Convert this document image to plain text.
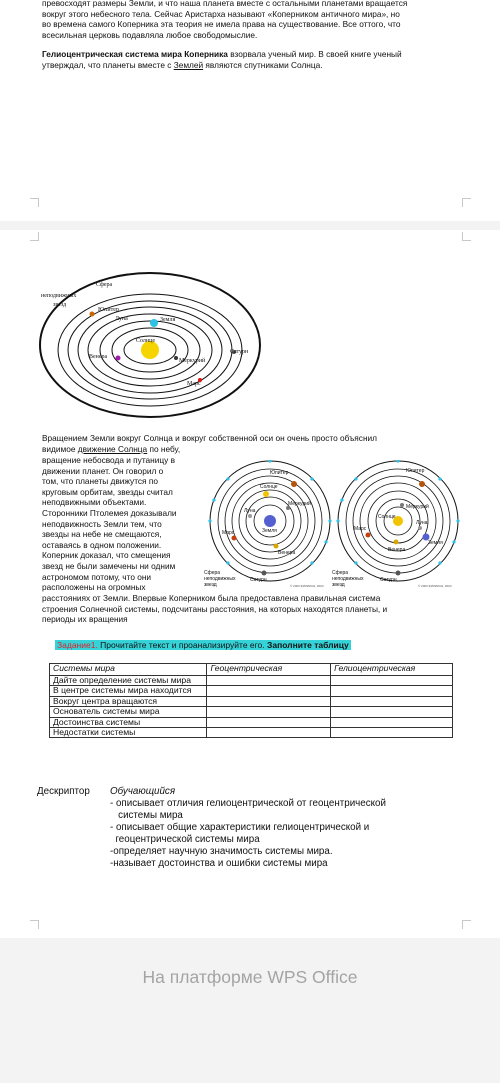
превосходят размеры Земли, и что наша планета вместе с остальными планетами вращается
вокруг этого небесного тела. Сейчас Аристарха называют «Коперником античного мира», но
во времена самого Коперника эта теория не имела права на существование. Все оттого, что
всесильная церковь подавляла любое свободомыслие.
Гелиоцентрическая система мира Коперника взорвала ученый мир. В своей книге ученый
утверждал, что планеты вместе с Землей являются спутниками Солнца.
Сфера
неподвижных
звезд
Юпитер
Луна	Земля
Солнце
Венера
Меркурий
Сатурн
Марс
Вращением Земли вокруг Солнца и вокруг собственной оси он очень просто объяснил
видимое движение Солнца по небу,
вращение небосвода и путаницу в
движении планет. Он говорил о
том, что планеты движутся по
круговым орбитам, звезды считал
неподвижными объектами.
Сторонники Птолемея доказывали
неподвижность Земли тем, что
звезды на небе не смещаются,
оставаясь в одном положении.
Коперник доказал, что смещения
звезд не были замечены ни одним
астрономом потому, что они
расположены на огромных
расстояниях от Земли. Впервые Коперником была предоставлена правильная система
строения Солнечной системы, подсчитаны расстояния, на которых находятся планеты, и
периоды их вращения
Юпитер
Солнце
Марс
Луна
Меркурий
Земля
Венера
Сатурн
Сфера
неподвижных
звезд	© 2003 ФИЗИКОН, 2003
Юпитер
Меркурий
Солнце
Луна
Марс
Земля
Венера
Сатурн
Сфера
неподвижных
звезд	© 2003 ФИЗИКОН, 2003
Задание1. Прочитайте текст и проанализируйте его. Заполните таблицу
Системы мира	Геоцентрическая	Гелиоцентрическая
Дайте определение системы мира		
В центре системы мира находится		
Вокруг центра вращаются		
Основатель системы мира		
Достоинства системы		
Недостатки системы		
Дескриптор	Обучающийся
- описывает отличия гелиоцентрической от геоцентрической
системы мира
- описывает общие характеристики гелиоцентрической и
геоцентрической системы мира
-определяет научную значимость системы мира.
-называет достоинства и ошибки системы мира
На платформе WPS Office
